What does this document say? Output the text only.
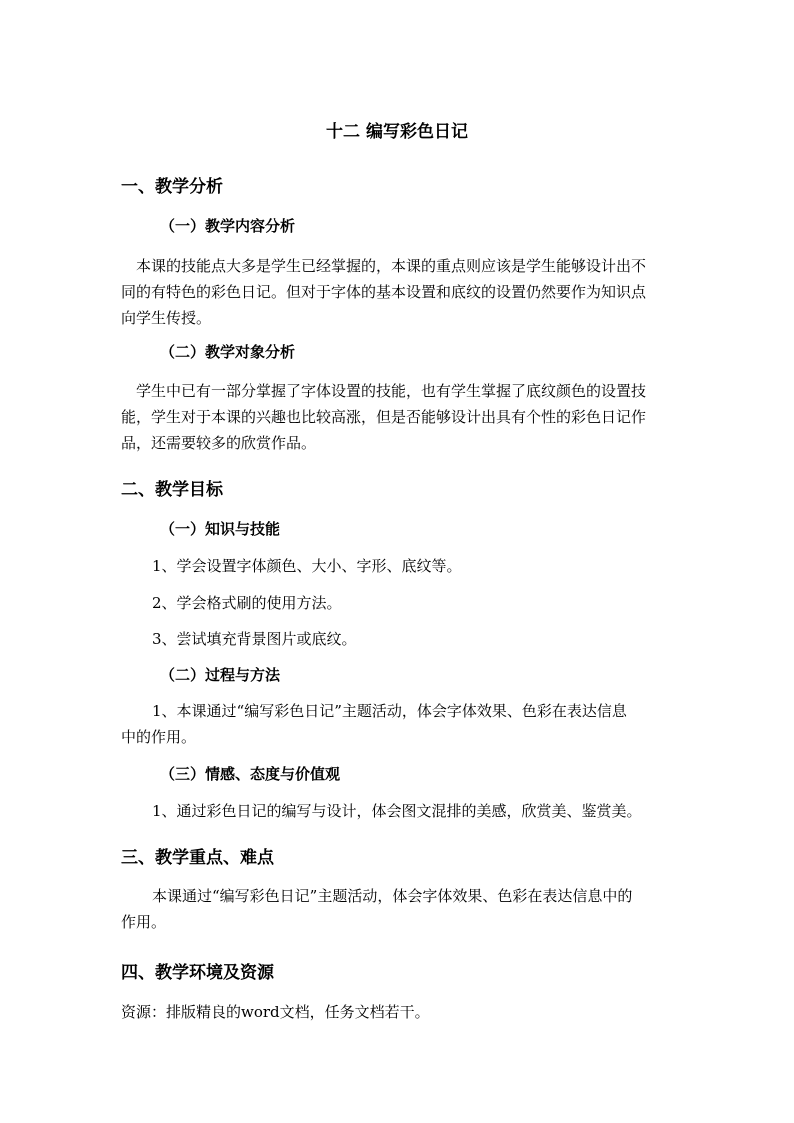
十二 编写彩色日记
一、教学分析
（一）教学内容分析
本课的技能点大多是学生已经掌握的，本课的重点则应该是学生能够设计出不
同的有特色的彩色日记。但对于字体的基本设置和底纹的设置仍然要作为知识点
向学生传授。
（二）教学对象分析
学生中已有一部分掌握了字体设置的技能，也有学生掌握了底纹颜色的设置技
能，学生对于本课的兴趣也比较高涨，但是否能够设计出具有个性的彩色日记作
品，还需要较多的欣赏作品。
二、教学目标
（一）知识与技能
1、学会设置字体颜色、大小、字形、底纹等。
2、学会格式刷的使用方法。
3、尝试填充背景图片或底纹。
（二）过程与方法
1、本课通过“编写彩色日记”主题活动，体会字体效果、色彩在表达信息
中的作用。
（三）情感、态度与价值观
1、通过彩色日记的编写与设计，体会图文混排的美感，欣赏美、鉴赏美。
三、教学重点、难点
本课通过“编写彩色日记”主题活动，体会字体效果、色彩在表达信息中的
作用。
四、教学环境及资源
资源：排版精良的word文档，任务文档若干。
